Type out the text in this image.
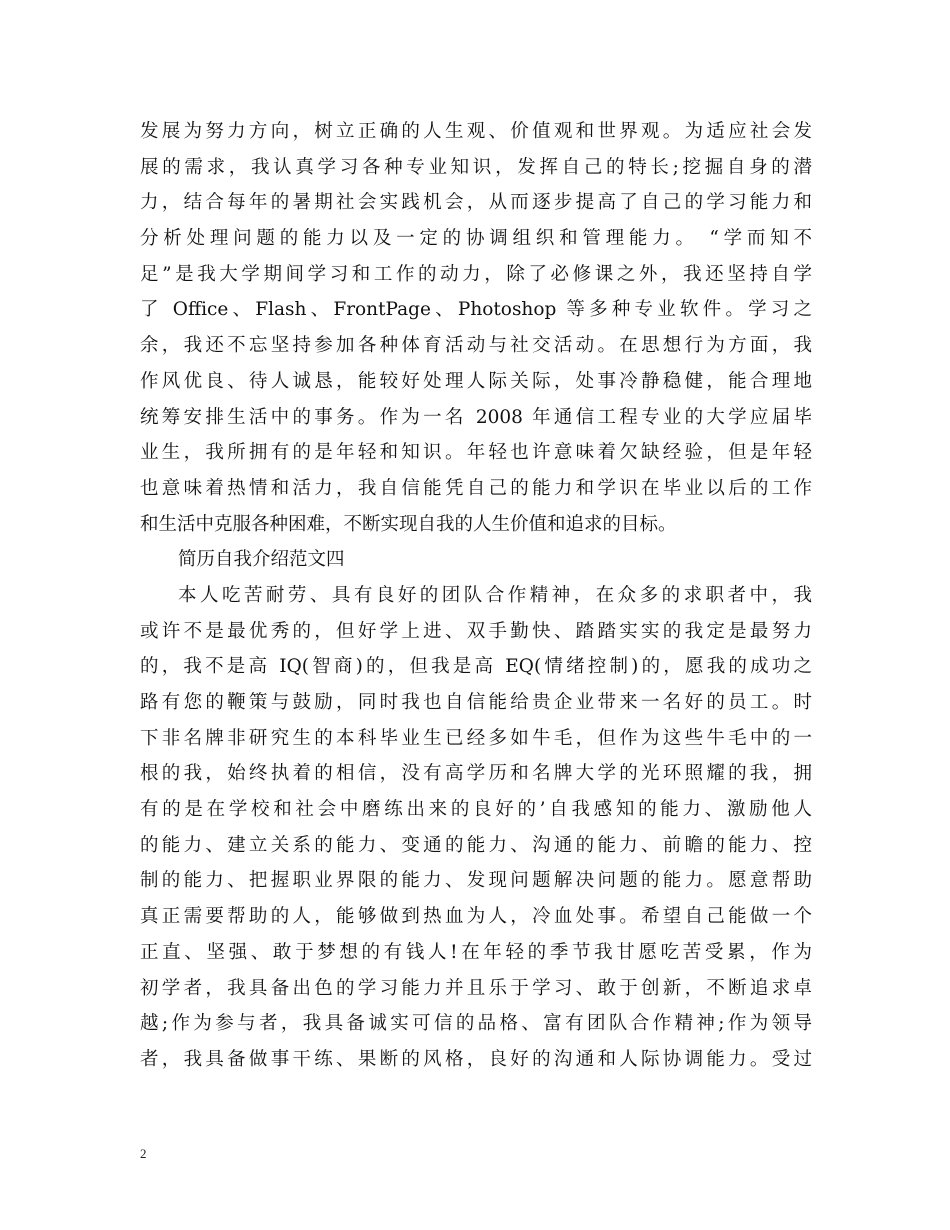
发展为努力方向，树立正确的人生观、价值观和世界观。为适应社会发
展的需求，我认真学习各种专业知识，发挥自己的特长;挖掘自身的潜
力，结合每年的暑期社会实践机会，从而逐步提高了自己的学习能力和
分析处理问题的能力以及一定的协调组织和管理能力。 “学而知不
足”是我大学期间学习和工作的动力，除了必修课之外，我还坚持自学
了 Office、Flash、FrontPage、Photoshop 等多种专业软件。学习之
余，我还不忘坚持参加各种体育活动与社交活动。在思想行为方面，我
作风优良、待人诚恳，能较好处理人际关际，处事冷静稳健，能合理地
统筹安排生活中的事务。作为一名 2008 年通信工程专业的大学应届毕
业生，我所拥有的是年轻和知识。年轻也许意味着欠缺经验，但是年轻
也意味着热情和活力，我自信能凭自己的能力和学识在毕业以后的工作
和生活中克服各种困难，不断实现自我的人生价值和追求的目标。
简历自我介绍范文四
本人吃苦耐劳、具有良好的团队合作精神，在众多的求职者中，我
或许不是最优秀的，但好学上进、双手勤快、踏踏实实的我定是最努力
的，我不是高 IQ(智商)的，但我是高 EQ(情绪控制)的，愿我的成功之
路有您的鞭策与鼓励，同时我也自信能给贵企业带来一名好的员工。时
下非名牌非研究生的本科毕业生已经多如牛毛，但作为这些牛毛中的一
根的我，始终执着的相信，没有高学历和名牌大学的光环照耀的我，拥
有的是在学校和社会中磨练出来的良好的’自我感知的能力、激励他人
的能力、建立关系的能力、变通的能力、沟通的能力、前瞻的能力、控
制的能力、把握职业界限的能力、发现问题解决问题的能力。愿意帮助
真正需要帮助的人，能够做到热血为人，冷血处事。希望自己能做一个
正直、坚强、敢于梦想的有钱人!在年轻的季节我甘愿吃苦受累，作为
初学者，我具备出色的学习能力并且乐于学习、敢于创新，不断追求卓
越;作为参与者，我具备诚实可信的品格、富有团队合作精神;作为领导
者，我具备做事干练、果断的风格，良好的沟通和人际协调能力。受过
2
